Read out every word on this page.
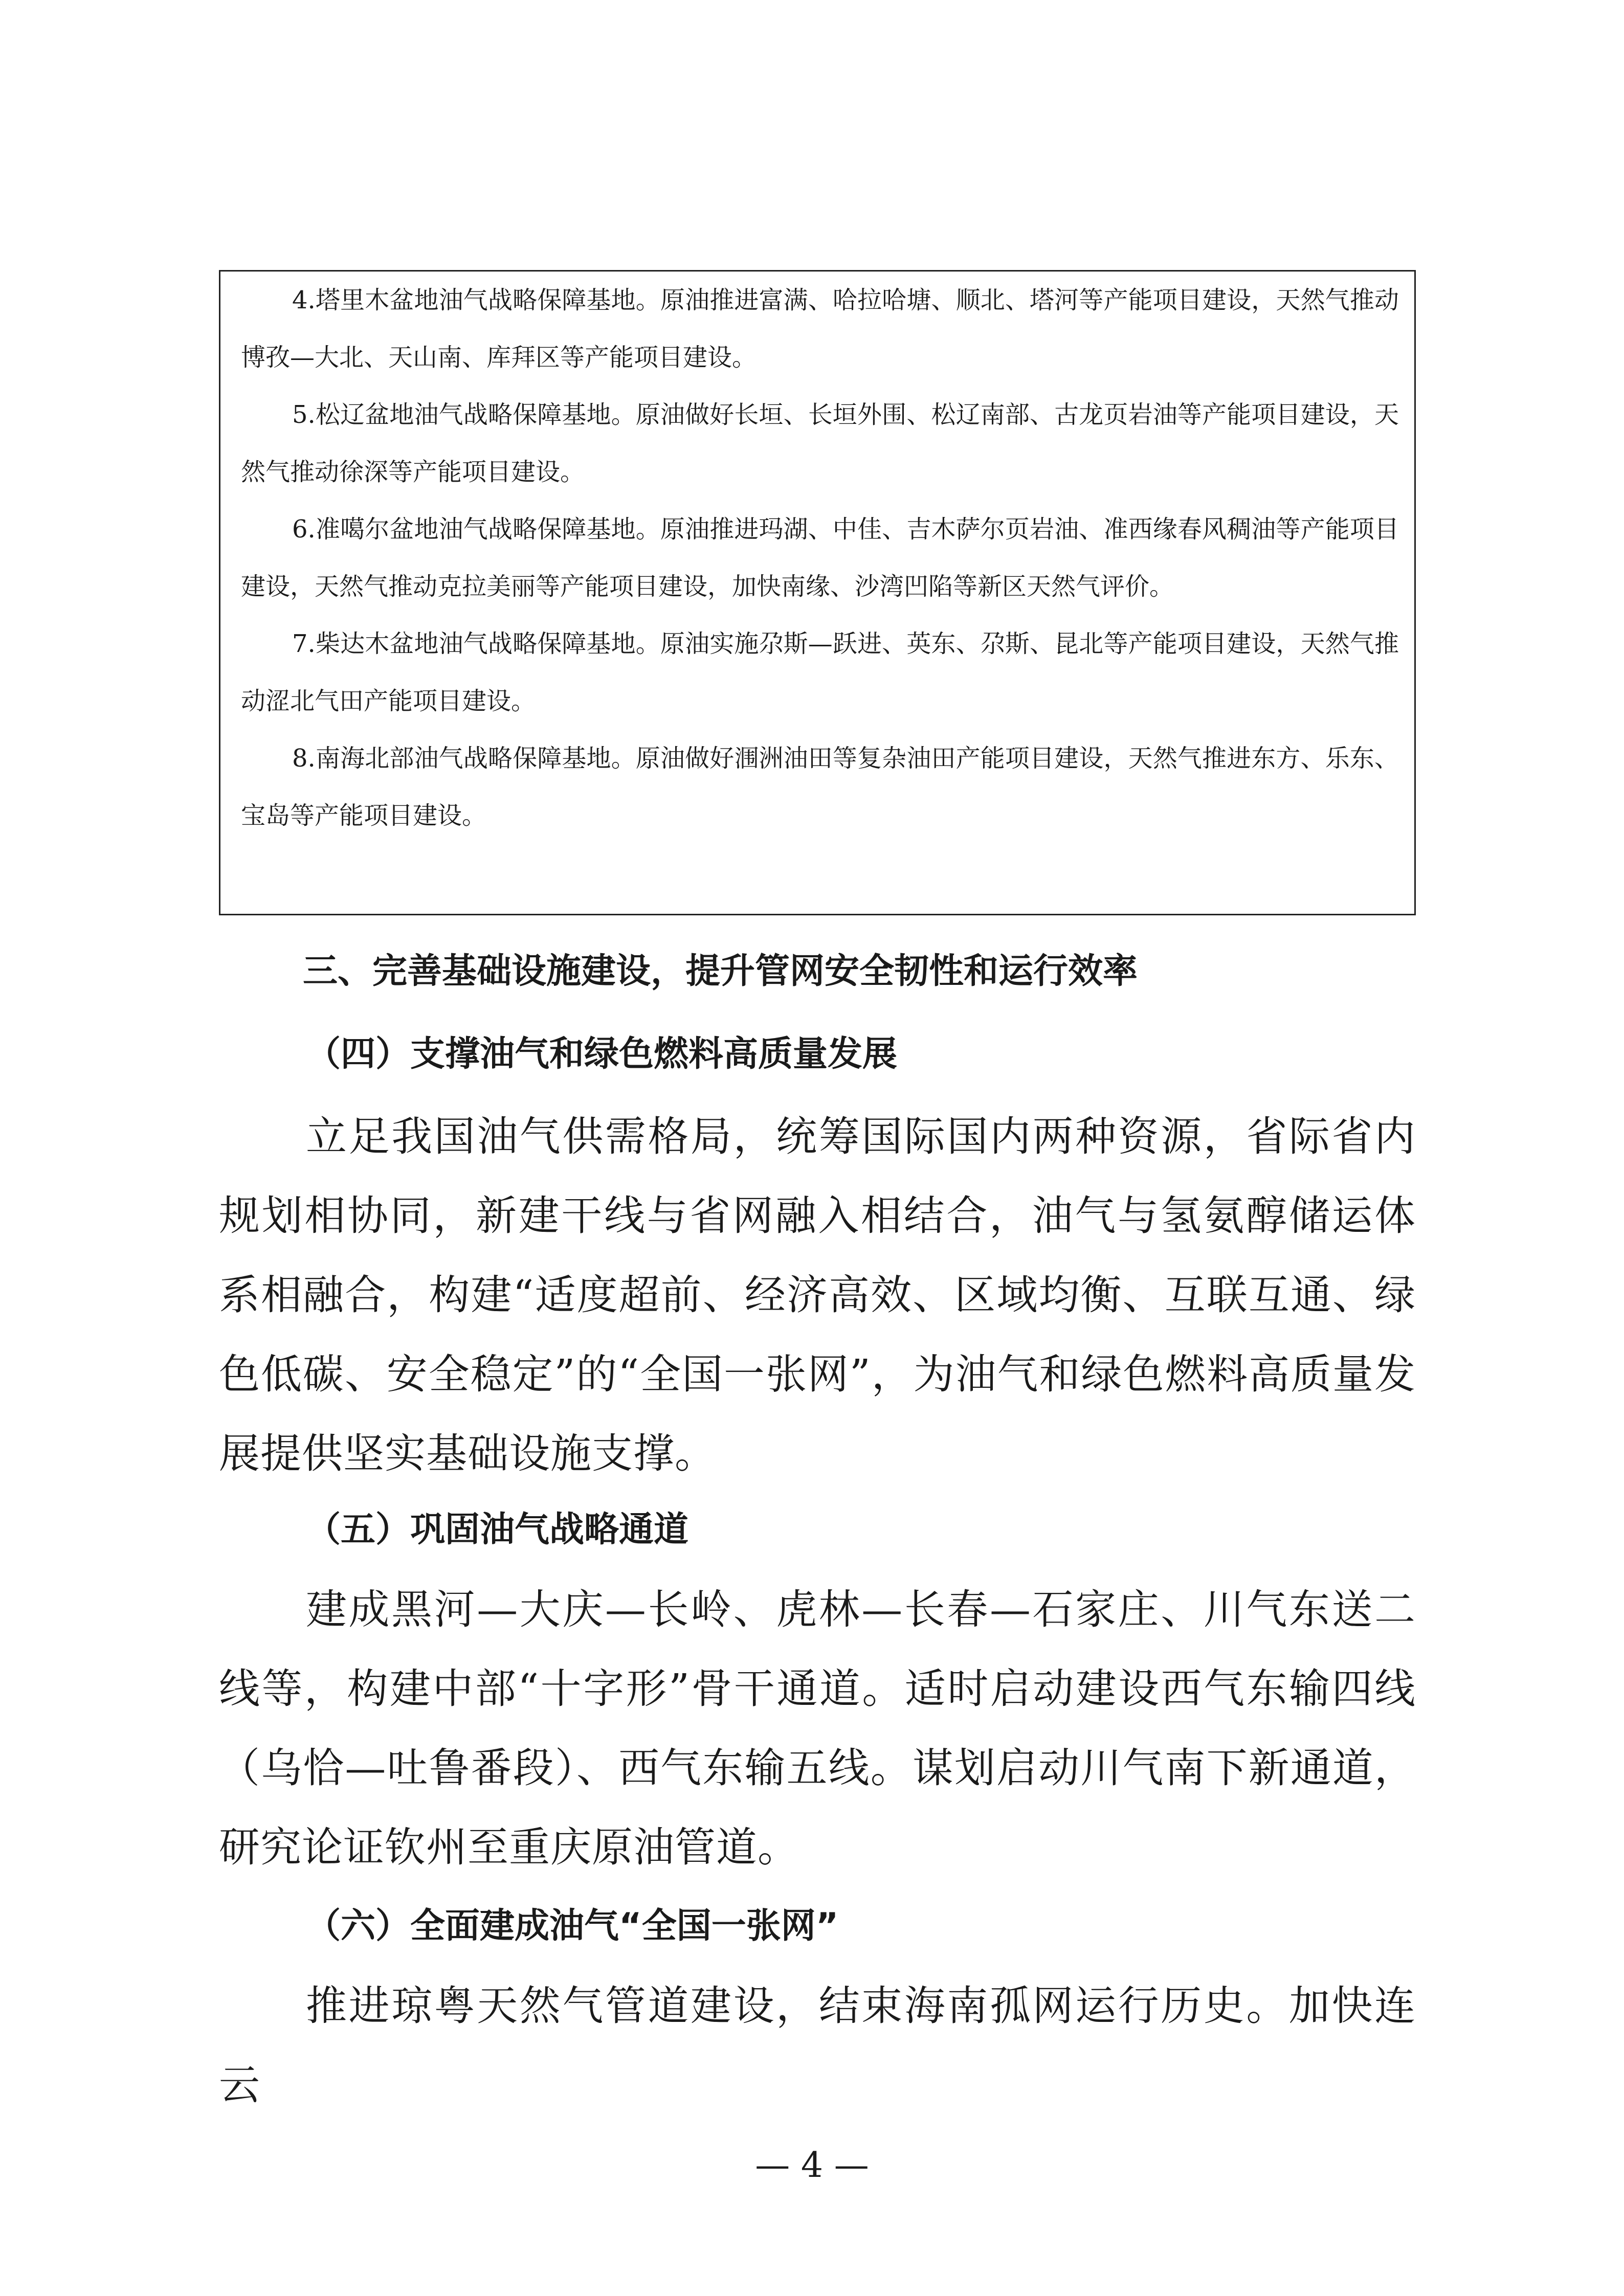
4.塔里木盆地油气战略保障基地。原油推进富满、哈拉哈塘、顺北、塔河等产能项目建设，天然气推动博孜—大北、天山南、库拜区等产能项目建设。

5.松辽盆地油气战略保障基地。原油做好长垣、长垣外围、松辽南部、古龙页岩油等产能项目建设，天然气推动徐深等产能项目建设。

6.准噶尔盆地油气战略保障基地。原油推进玛湖、中佳、吉木萨尔页岩油、准西缘春风稠油等产能项目建设，天然气推动克拉美丽等产能项目建设，加快南缘、沙湾凹陷等新区天然气评价。

7.柴达木盆地油气战略保障基地。原油实施尕斯—跃进、英东、尕斯、昆北等产能项目建设，天然气推动涩北气田产能项目建设。

8.南海北部油气战略保障基地。原油做好涠洲油田等复杂油田产能项目建设，天然气推进东方、乐东、宝岛等产能项目建设。

三、完善基础设施建设，提升管网安全韧性和运行效率
（四）支撑油气和绿色燃料高质量发展

立足我国油气供需格局，统筹国际国内两种资源，省际省内规划相协同，新建干线与省网融入相结合，油气与氢氨醇储运体系相融合，构建“适度超前、经济高效、区域均衡、互联互通、绿色低碳、安全稳定”的“全国一张网”，为油气和绿色燃料高质量发展提供坚实基础设施支撑。

（五）巩固油气战略通道

建成黑河—大庆—长岭、虎林—长春—石家庄、川气东送二线等，构建中部“十字形”骨干通道。适时启动建设西气东输四线（乌恰—吐鲁番段）、西气东输五线。谋划启动川气南下新通道，研究论证钦州至重庆原油管道。

（六）全面建成油气“全国一张网”

推进琼粤天然气管道建设，结束海南孤网运行历史。加快连云

— 4 —
